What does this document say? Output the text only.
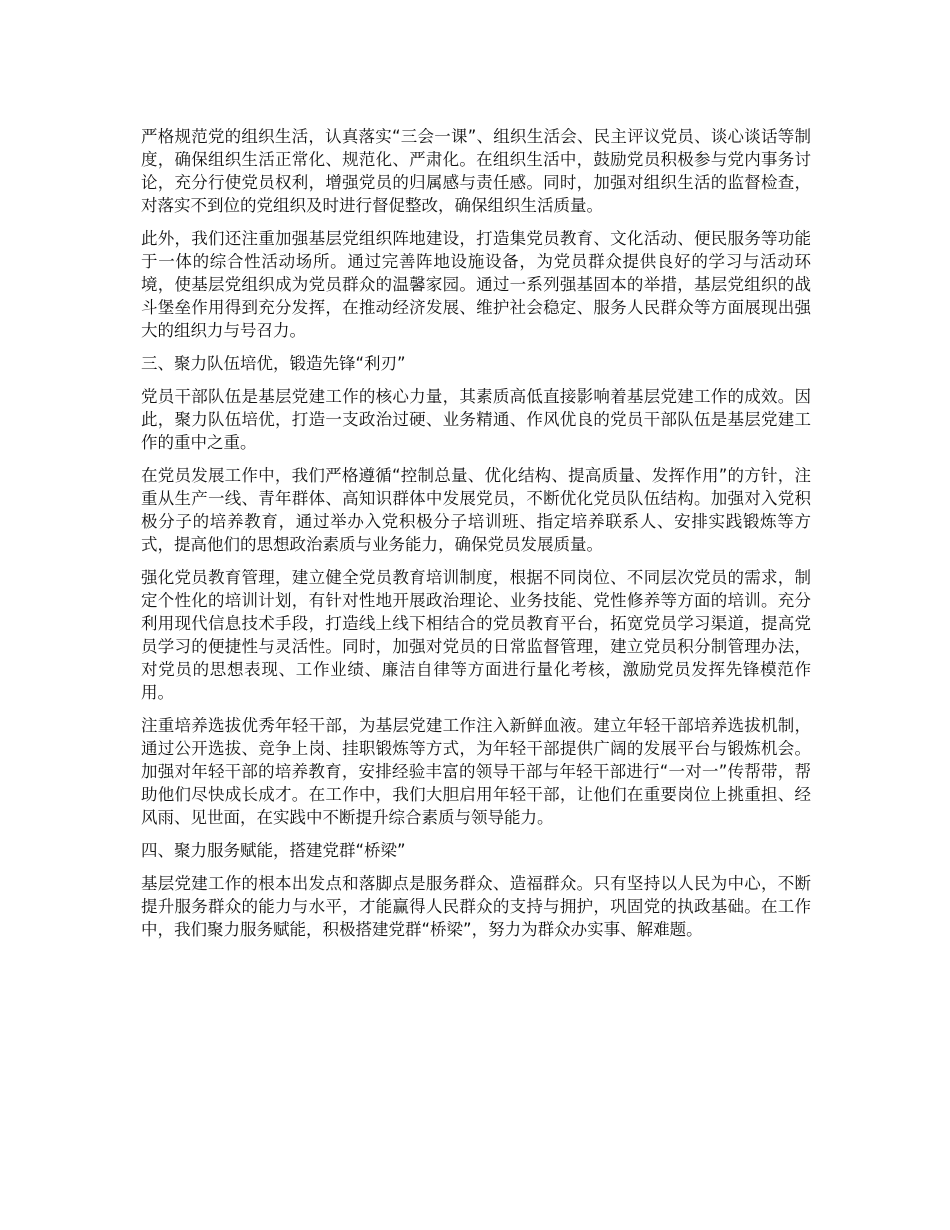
严格规范党的组织生活，认真落实“三会一课”、组织生活会、民主评议党员、谈心谈话等制度，确保组织生活正常化、规范化、严肃化。在组织生活中，鼓励党员积极参与党内事务讨论，充分行使党员权利，增强党员的归属感与责任感。同时，加强对组织生活的监督检查，对落实不到位的党组织及时进行督促整改，确保组织生活质量。

此外，我们还注重加强基层党组织阵地建设，打造集党员教育、文化活动、便民服务等功能于一体的综合性活动场所。通过完善阵地设施设备，为党员群众提供良好的学习与活动环境，使基层党组织成为党员群众的温馨家园。通过一系列强基固本的举措，基层党组织的战斗堡垒作用得到充分发挥，在推动经济发展、维护社会稳定、服务人民群众等方面展现出强大的组织力与号召力。

三、聚力队伍培优，锻造先锋“利刃”

党员干部队伍是基层党建工作的核心力量，其素质高低直接影响着基层党建工作的成效。因此，聚力队伍培优，打造一支政治过硬、业务精通、作风优良的党员干部队伍是基层党建工作的重中之重。

在党员发展工作中，我们严格遵循“控制总量、优化结构、提高质量、发挥作用”的方针，注重从生产一线、青年群体、高知识群体中发展党员，不断优化党员队伍结构。加强对入党积极分子的培养教育，通过举办入党积极分子培训班、指定培养联系人、安排实践锻炼等方式，提高他们的思想政治素质与业务能力，确保党员发展质量。

强化党员教育管理，建立健全党员教育培训制度，根据不同岗位、不同层次党员的需求，制定个性化的培训计划，有针对性地开展政治理论、业务技能、党性修养等方面的培训。充分利用现代信息技术手段，打造线上线下相结合的党员教育平台，拓宽党员学习渠道，提高党员学习的便捷性与灵活性。同时，加强对党员的日常监督管理，建立党员积分制管理办法，对党员的思想表现、工作业绩、廉洁自律等方面进行量化考核，激励党员发挥先锋模范作用。

注重培养选拔优秀年轻干部，为基层党建工作注入新鲜血液。建立年轻干部培养选拔机制，通过公开选拔、竞争上岗、挂职锻炼等方式，为年轻干部提供广阔的发展平台与锻炼机会。加强对年轻干部的培养教育，安排经验丰富的领导干部与年轻干部进行“一对一”传帮带，帮助他们尽快成长成才。在工作中，我们大胆启用年轻干部，让他们在重要岗位上挑重担、经风雨、见世面，在实践中不断提升综合素质与领导能力。

四、聚力服务赋能，搭建党群“桥梁”

基层党建工作的根本出发点和落脚点是服务群众、造福群众。只有坚持以人民为中心，不断提升服务群众的能力与水平，才能赢得人民群众的支持与拥护，巩固党的执政基础。在工作中，我们聚力服务赋能，积极搭建党群“桥梁”，努力为群众办实事、解难题。
